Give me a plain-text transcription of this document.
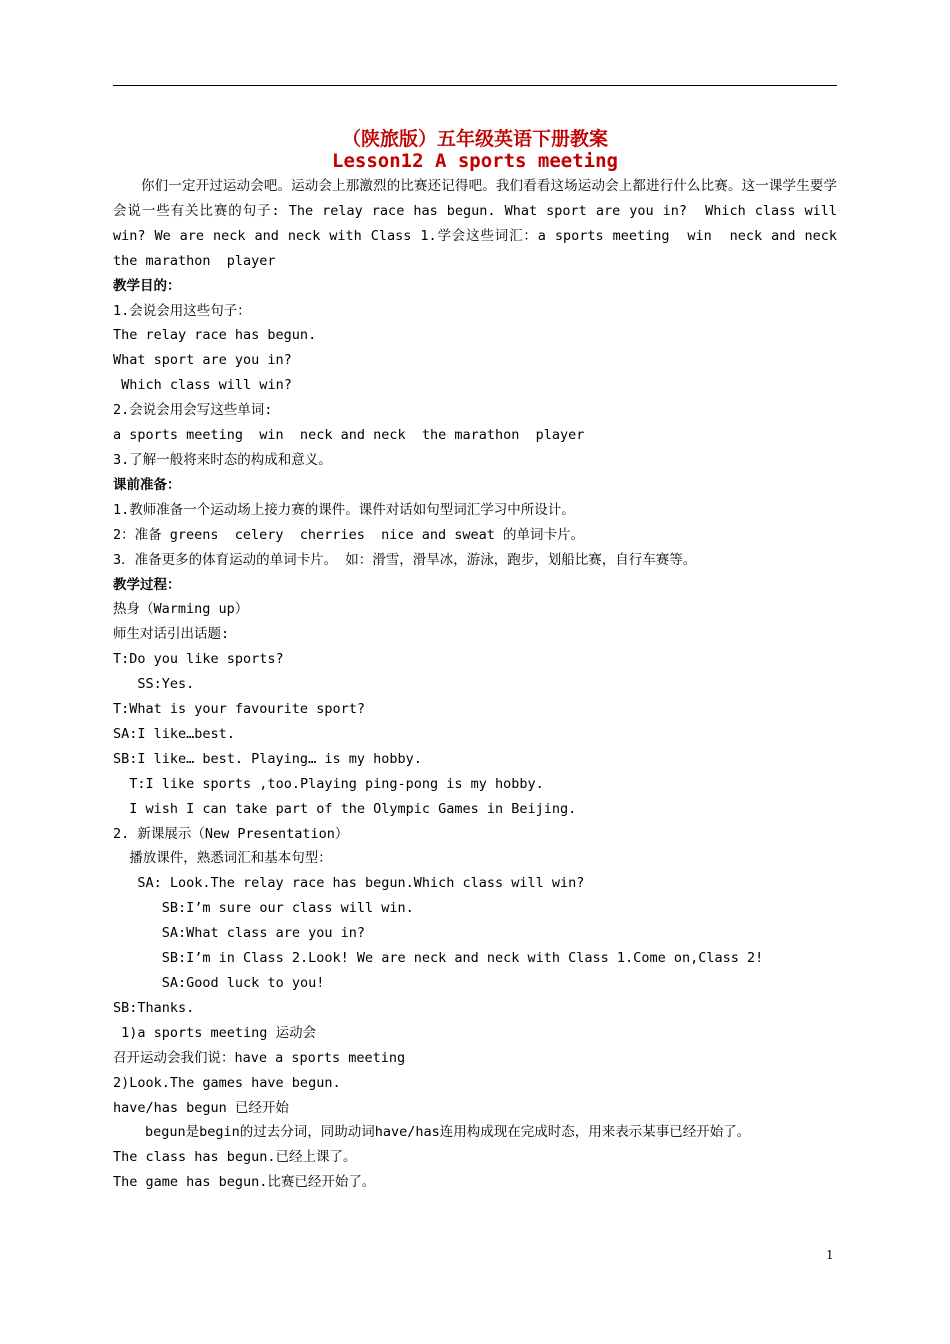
（陕旅版）五年级英语下册教案
Lesson12 A sports meeting

你们一定开过运动会吧。运动会上那激烈的比赛还记得吧。我们看看这场运动会上都进行什么比赛。这一课学生要学会说一些有关比赛的句子: The relay race has begun. What sport are you in?  Which class will win? We are neck and neck with Class 1.学会这些词汇：a sports meeting  win  neck and neck  the marathon  player

教学目的：

1.会说会用这些句子：

The relay race has begun.

What sport are you in?

Which class will win?

2.会说会用会写这些单词:

a sports meeting  win  neck and neck  the marathon  player

3.了解一般将来时态的构成和意义。

课前准备：

1.教师准备一个运动场上接力赛的课件。课件对话如句型词汇学习中所设计。

2：准备 greens  celery  cherries  nice and sweat 的单词卡片。

3．准备更多的体育运动的单词卡片。 如：滑雪，滑旱冰，游泳，跑步，划船比赛，自行车赛等。

教学过程：

热身（Warming up）

师生对话引出话题:

T:Do you like sports?

SS:Yes.

T:What is your favourite sport?

SA:I like…best.

SB:I like… best. Playing… is my hobby.

T:I like sports ,too.Playing ping-pong is my hobby.

I wish I can take part of the Olympic Games in Beijing.

2. 新课展示（New Presentation）

播放课件，熟悉词汇和基本句型：

SA: Look.The relay race has begun.Which class will win?

SB:I’m sure our class will win.

SA:What class are you in?

SB:I’m in Class 2.Look! We are neck and neck with Class 1.Come on,Class 2!

SA:Good luck to you!

SB:Thanks.

1)a sports meeting 运动会

召开运动会我们说：have a sports meeting

2)Look.The games have begun.

have/has begun 已经开始

begun是begin的过去分词，同助动词have/has连用构成现在完成时态，用来表示某事已经开始了。

The class has begun.已经上课了。

The game has begun.比赛已经开始了。

1
